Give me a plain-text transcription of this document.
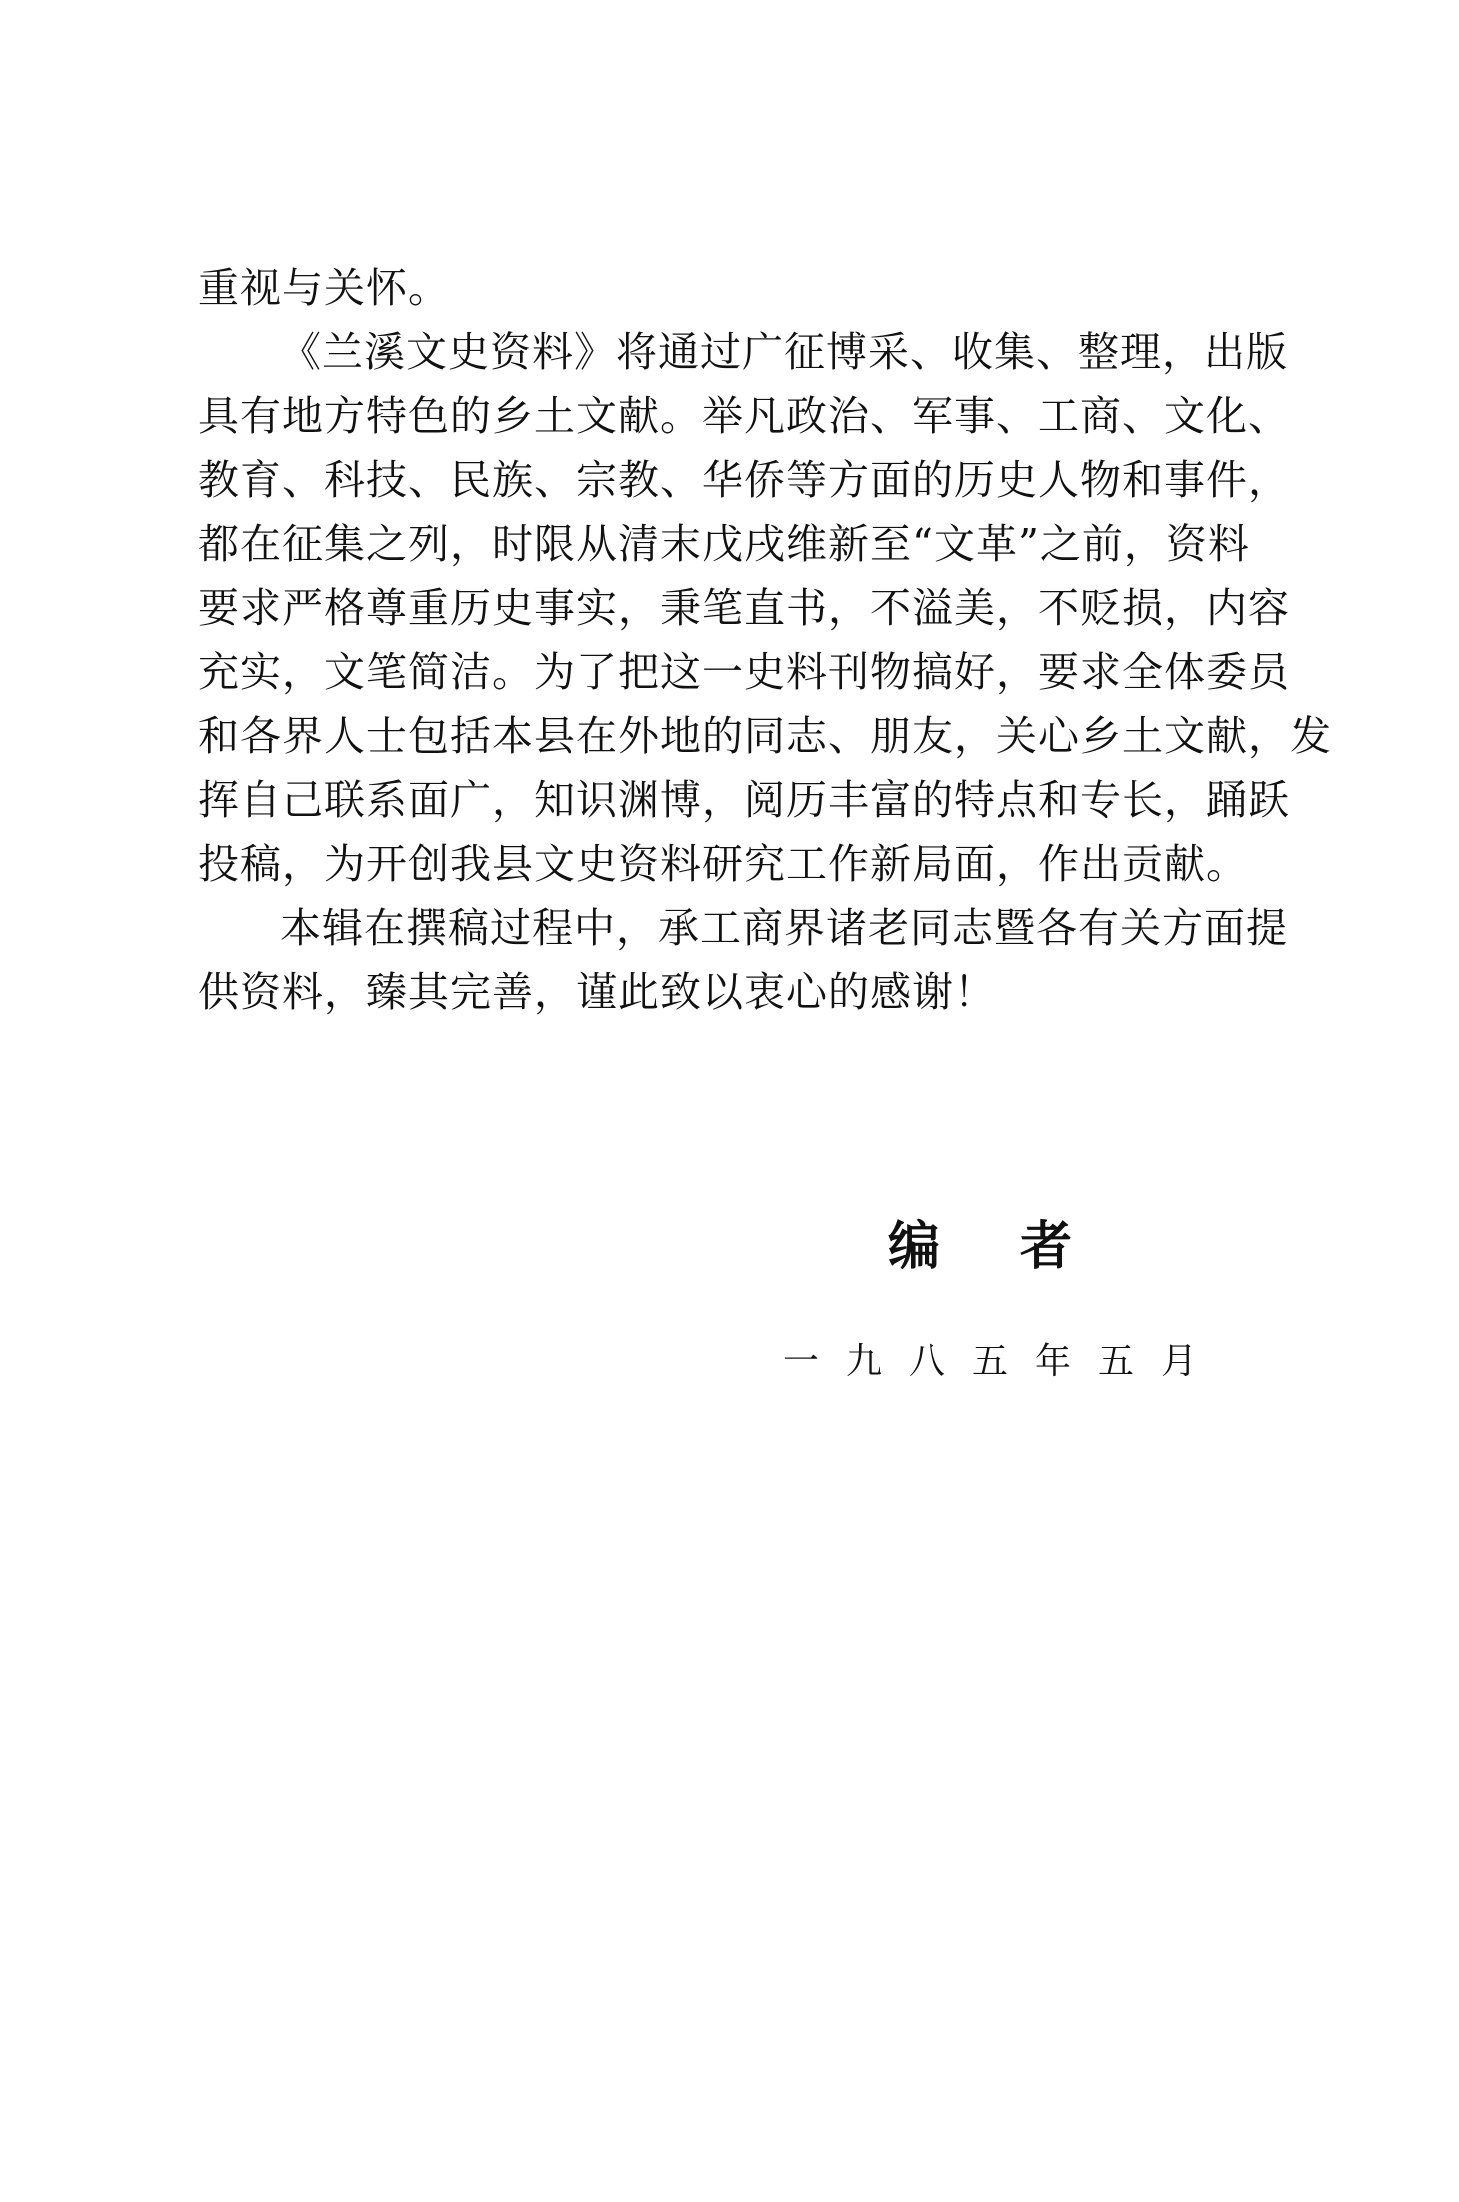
重视与关怀。
《兰溪文史资料》将通过广征博采、收集、整理，出版
具有地方特色的乡土文献。举凡政治、军事、工商、文化、
教育、科技、民族、宗教、华侨等方面的历史人物和事件，
都在征集之列，时限从清末戊戌维新至“文革”之前，资料
要求严格尊重历史事实，秉笔直书，不溢美，不贬损，内容
充实，文笔简洁。为了把这一史料刊物搞好，要求全体委员
和各界人士包括本县在外地的同志、朋友，关心乡土文献，发
挥自己联系面广，知识渊博，阅历丰富的特点和专长，踊跃
投稿，为开创我县文史资料研究工作新局面，作出贡献。
本辑在撰稿过程中，承工商界诸老同志暨各有关方面提
供资料，臻其完善，谨此致以衷心的感谢！
编者
一九八五年五月
